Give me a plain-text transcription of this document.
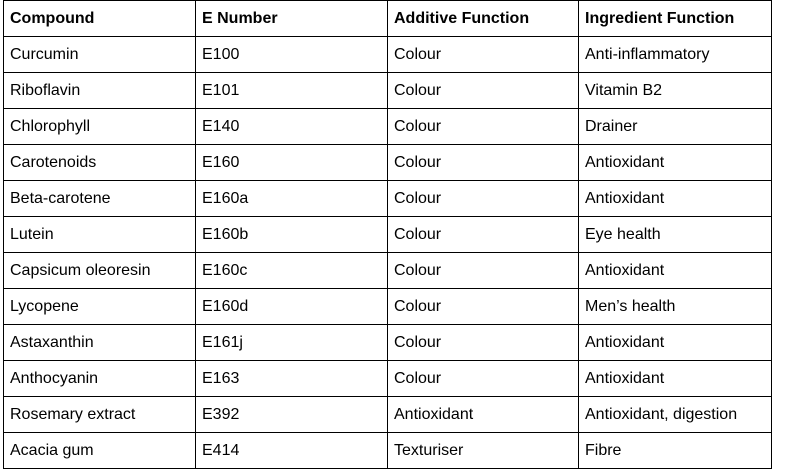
Compound	E Number	Additive Function	Ingredient Function
Curcumin	E100	Colour	Anti-inflammatory
Riboflavin	E101	Colour	Vitamin B2
Chlorophyll	E140	Colour	Drainer
Carotenoids	E160	Colour	Antioxidant
Beta-carotene	E160a	Colour	Antioxidant
Lutein	E160b	Colour	Eye health
Capsicum oleoresin	E160c	Colour	Antioxidant
Lycopene	E160d	Colour	Men’s health
Astaxanthin	E161j	Colour	Antioxidant
Anthocyanin	E163	Colour	Antioxidant
Rosemary extract	E392	Antioxidant	Antioxidant, digestion
Acacia gum	E414	Texturiser	Fibre
